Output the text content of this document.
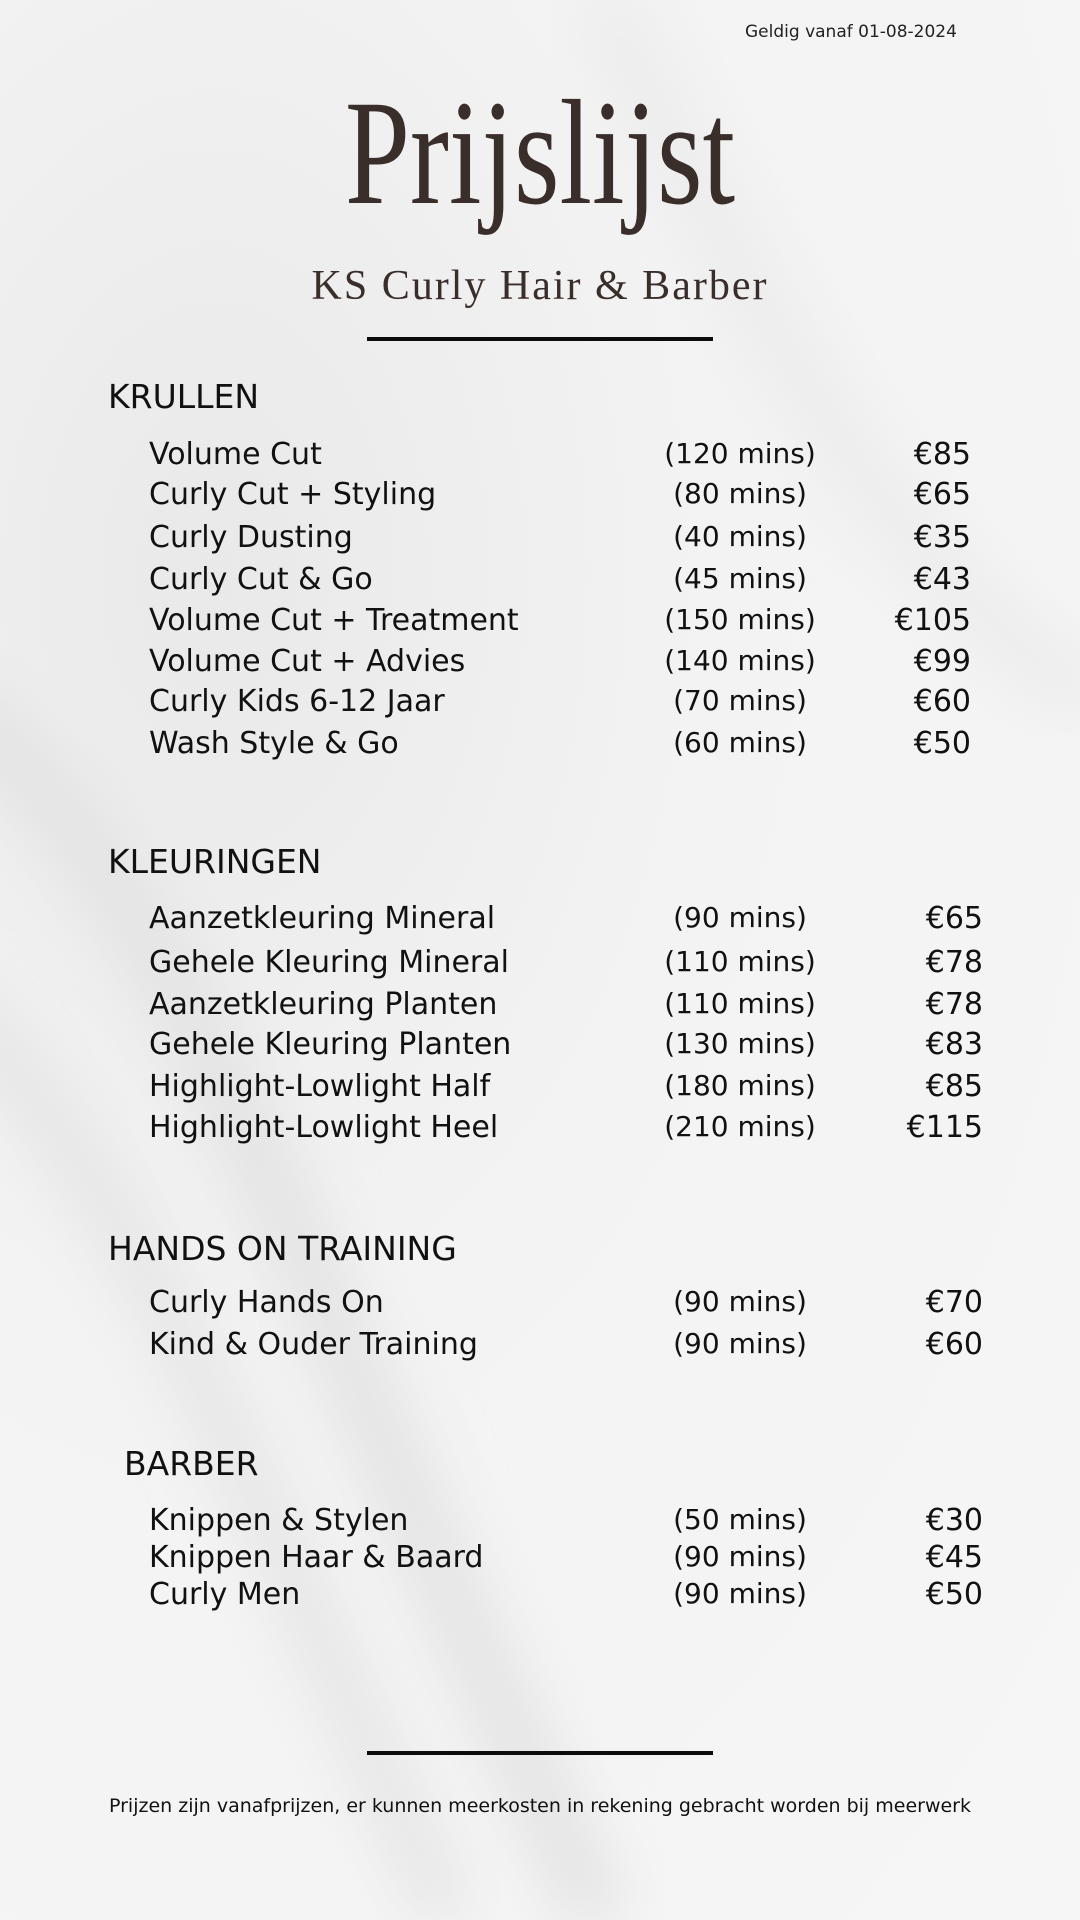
Geldig vanaf 01-08-2024
Prijslijst
KS Curly Hair & Barber
KRULLEN
Volume Cut	(120 mins)	€85
Curly Cut + Styling	(80 mins)	€65
Curly Dusting	(40 mins)	€35
Curly Cut & Go	(45 mins)	€43
Volume Cut + Treatment	(150 mins)	€105
Volume Cut + Advies	(140 mins)	€99
Curly Kids 6-12 Jaar	(70 mins)	€60
Wash Style & Go	(60 mins)	€50
KLEURINGEN
Aanzetkleuring Mineral	(90 mins)	€65
Gehele Kleuring Mineral	(110 mins)	€78
Aanzetkleuring Planten	(110 mins)	€78
Gehele Kleuring Planten	(130 mins)	€83
Highlight-Lowlight Half	(180 mins)	€85
Highlight-Lowlight Heel	(210 mins)	€115
HANDS ON TRAINING
Curly Hands On	(90 mins)	€70
Kind & Ouder Training	(90 mins)	€60
BARBER
Knippen & Stylen	(50 mins)	€30
Knippen Haar & Baard	(90 mins)	€45
Curly Men	(90 mins)	€50
Prijzen zijn vanafprijzen, er kunnen meerkosten in rekening gebracht worden bij meerwerk
